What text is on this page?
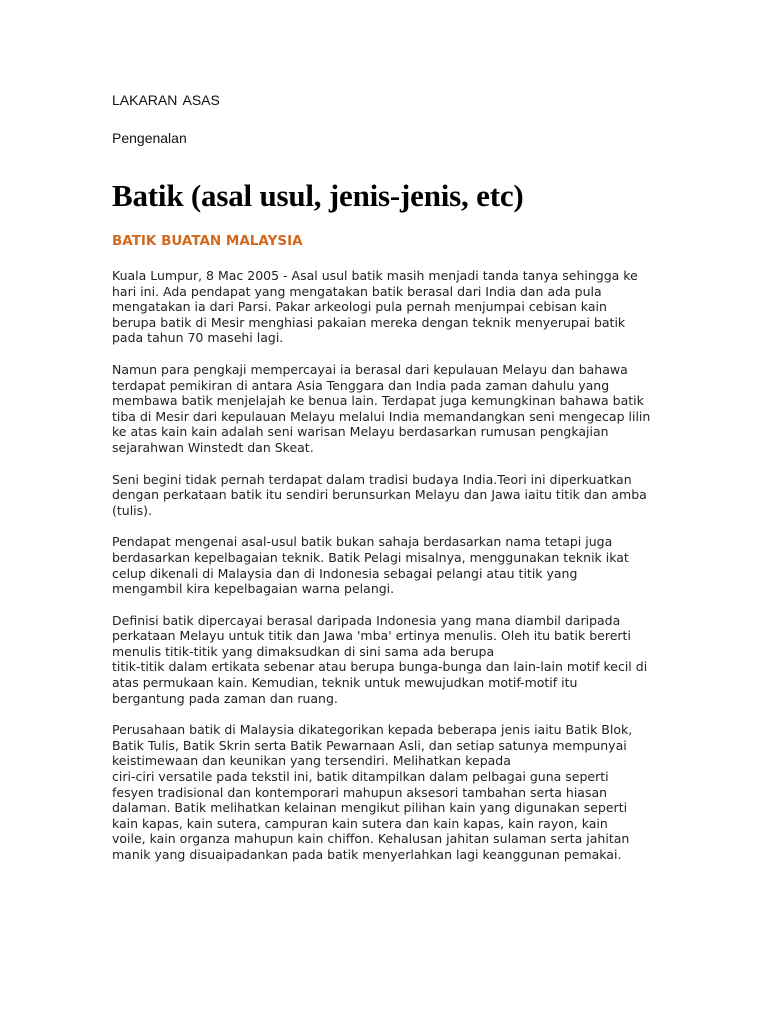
LAKARAN ASAS

Pengenalan

Batik (asal usul, jenis-jenis, etc)
BATIK BUATAN MALAYSIA

Kuala Lumpur, 8 Mac 2005 - Asal usul batik masih menjadi tanda tanya sehingga ke
hari ini. Ada pendapat yang mengatakan batik berasal dari India dan ada pula
mengatakan ia dari Parsi. Pakar arkeologi pula pernah menjumpai cebisan kain
berupa batik di Mesir menghiasi pakaian mereka dengan teknik menyerupai batik
pada tahun 70 masehi lagi.

Namun para pengkaji mempercayai ia berasal dari kepulauan Melayu dan bahawa
terdapat pemikiran di antara Asia Tenggara dan India pada zaman dahulu yang
membawa batik menjelajah ke benua lain. Terdapat juga kemungkinan bahawa batik
tiba di Mesir dari kepulauan Melayu melalui India memandangkan seni mengecap lilin
ke atas kain kain adalah seni warisan Melayu berdasarkan rumusan pengkajian
sejarahwan Winstedt dan Skeat.

Seni begini tidak pernah terdapat dalam tradisi budaya India.Teori ini diperkuatkan
dengan perkataan batik itu sendiri berunsurkan Melayu dan Jawa iaitu titik dan amba
(tulis).

Pendapat mengenai asal-usul batik bukan sahaja berdasarkan nama tetapi juga
berdasarkan kepelbagaian teknik. Batik Pelagi misalnya, menggunakan teknik ikat
celup dikenali di Malaysia dan di Indonesia sebagai pelangi atau titik yang
mengambil kira kepelbagaian warna pelangi.

Definisi batik dipercayai berasal daripada Indonesia yang mana diambil daripada
perkataan Melayu untuk titik dan Jawa 'mba' ertinya menulis. Oleh itu batik bererti
menulis titik-titik yang dimaksudkan di sini sama ada berupa
titik-titik dalam ertikata sebenar atau berupa bunga-bunga dan lain-lain motif kecil di
atas permukaan kain. Kemudian, teknik untuk mewujudkan motif-motif itu
bergantung pada zaman dan ruang.

Perusahaan batik di Malaysia dikategorikan kepada beberapa jenis iaitu Batik Blok,
Batik Tulis, Batik Skrin serta Batik Pewarnaan Asli, dan setiap satunya mempunyai
keistimewaan dan keunikan yang tersendiri. Melihatkan kepada
ciri-ciri versatile pada tekstil ini, batik ditampilkan dalam pelbagai guna seperti
fesyen tradisional dan kontemporari mahupun aksesori tambahan serta hiasan
dalaman. Batik melihatkan kelainan mengikut pilihan kain yang digunakan seperti
kain kapas, kain sutera, campuran kain sutera dan kain kapas, kain rayon, kain
voile, kain organza mahupun kain chiffon. Kehalusan jahitan sulaman serta jahitan
manik yang disuaipadankan pada batik menyerlahkan lagi keanggunan pemakai.
